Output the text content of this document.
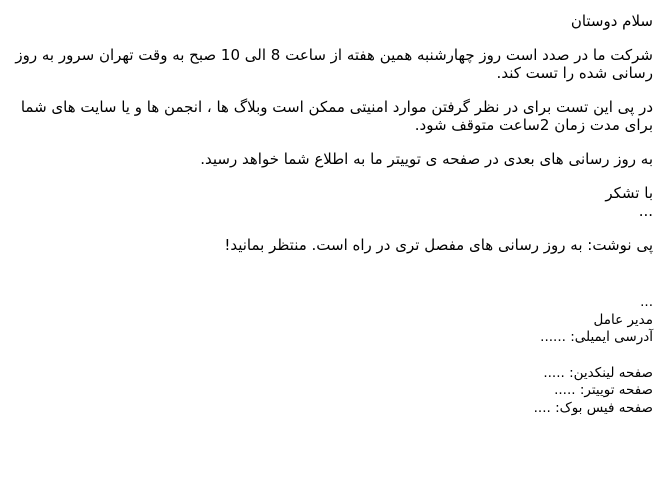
سلام دوستان

شرکت ما در صدد است روز چهارشنبه همین هفته از ساعت 8 الی 10 صبح به وقت تهران سرور به روز رسانی شده را تست کند.

در پی این تست برای در نظر گرفتن موارد امنیتی ممکن است وبلاگ ها ، انجمن ها و یا سایت های شما برای مدت زمان 2ساعت متوقف شود.

به روز رسانی های بعدی در صفحه ی توییتر ما به اطلاع شما خواهد رسید.

با تشکر

...

پی نوشت: به روز رسانی های مفصل تری در راه است. منتظر بمانید!

...

مدیر عامل

آدرسی ایمیلی: ......

صفحه لینکدین: .....

صفحه توییتر: .....

صفحه فیس بوک: ....
